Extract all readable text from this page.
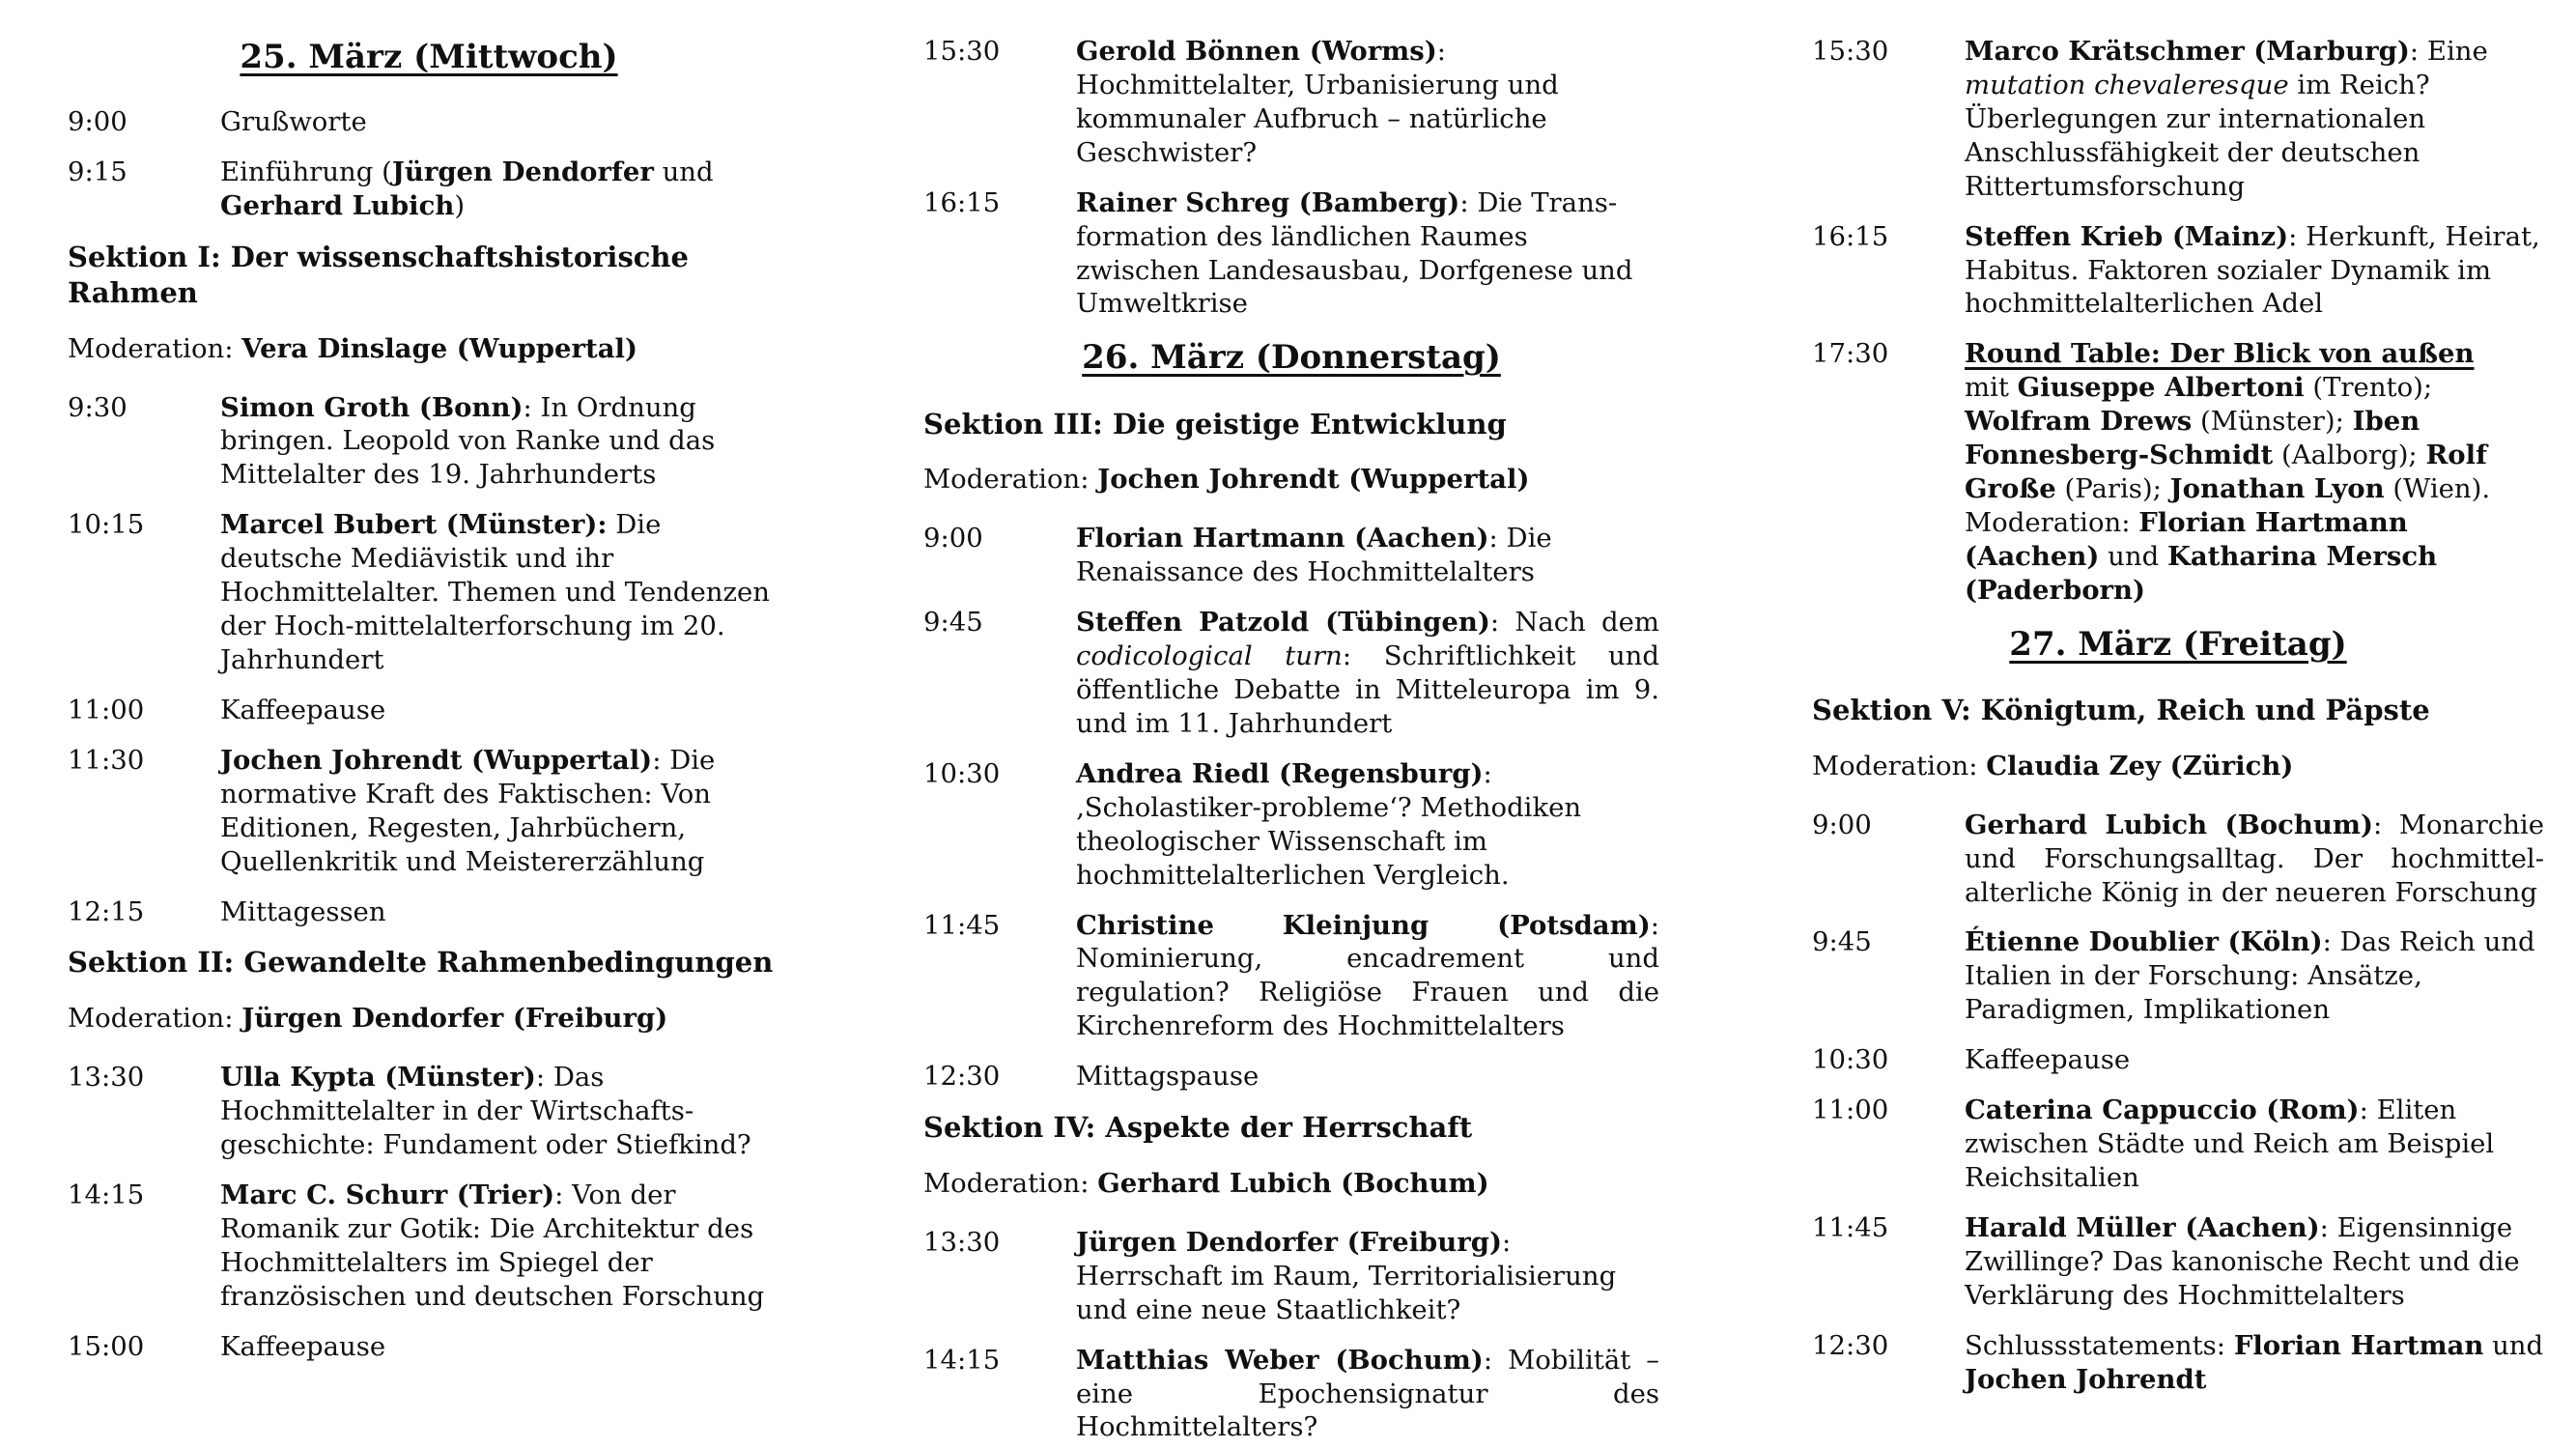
25. März (Mittwoch)
9:00	Grußworte
9:15	Einführung (Jürgen Dendorfer und Gerhard Lubich)
Sektion I: Der wissenschaftshistorische Rahmen
Moderation: Vera Dinslage (Wuppertal)
9:30	Simon Groth (Bonn): In Ordnung bringen. Leopold von Ranke und das Mittelalter des 19. Jahrhunderts
10:15	Marcel Bubert (Münster): Die deutsche Mediävistik und ihr Hochmittelalter. Themen und Tendenzen der Hoch-mittelalterforschung im 20. Jahrhundert
11:00	Kaffeepause
11:30	Jochen Johrendt (Wuppertal): Die normative Kraft des Faktischen: Von Editionen, Regesten, Jahrbüchern, Quellenkritik und Meistererzählung
12:15	Mittagessen
Sektion II: Gewandelte Rahmenbedingungen
Moderation: Jürgen Dendorfer (Freiburg)
13:30	Ulla Kypta (Münster): Das Hochmittelalter in der Wirtschafts-geschichte: Fundament oder Stiefkind?
14:15	Marc C. Schurr (Trier): Von der Romanik zur Gotik: Die Architektur des Hochmittelalters im Spiegel der französischen und deutschen Forschung
15:00	Kaffeepause
15:30	Gerold Bönnen (Worms): Hochmittelalter, Urbanisierung und kommunaler Aufbruch – natürliche Geschwister?
16:15	Rainer Schreg (Bamberg): Die Trans-formation des ländlichen Raumes zwischen Landesausbau, Dorfgenese und Umweltkrise
26. März (Donnerstag)
Sektion III: Die geistige Entwicklung
Moderation: Jochen Johrendt (Wuppertal)
9:00	Florian Hartmann (Aachen): Die Renaissance des Hochmittelalters
9:45	Steffen Patzold (Tübingen): Nach dem codicological turn: Schriftlichkeit und öffentliche Debatte in Mitteleuropa im 9. und im 11. Jahrhundert
10:30	Andrea Riedl (Regensburg): ‚Scholastiker-probleme‘? Methodiken theologischer Wissenschaft im hochmittelalterlichen Vergleich.
11:45	Christine Kleinjung (Potsdam): Nominierung, encadrement und regulation? Religiöse Frauen und die Kirchenreform des Hochmittelalters
12:30	Mittagspause
Sektion IV: Aspekte der Herrschaft
Moderation: Gerhard Lubich (Bochum)
13:30	Jürgen Dendorfer (Freiburg): Herrschaft im Raum, Territorialisierung und eine neue Staatlichkeit?
14:15	Matthias Weber (Bochum): Mobilität – eine Epochensignatur des Hochmittelalters?
15:30	Marco Krätschmer (Marburg): Eine mutation chevaleresque im Reich? Überlegungen zur internationalen Anschlussfähigkeit der deutschen Rittertumsforschung
16:15	Steffen Krieb (Mainz): Herkunft, Heirat, Habitus. Faktoren sozialer Dynamik im hochmittelalterlichen Adel
17:30	Round Table: Der Blick von außen
mit Giuseppe Albertoni (Trento); Wolfram Drews (Münster); Iben Fonnesberg-Schmidt (Aalborg); Rolf Große (Paris); Jonathan Lyon (Wien). Moderation: Florian Hartmann (Aachen) und Katharina Mersch (Paderborn)
27. März (Freitag)
Sektion V: Königtum, Reich und Päpste
Moderation: Claudia Zey (Zürich)
9:00	Gerhard Lubich (Bochum): Monarchie und Forschungsalltag. Der hochmittel-alterliche König in der neueren Forschung
9:45	Étienne Doublier (Köln): Das Reich und Italien in der Forschung: Ansätze, Paradigmen, Implikationen
10:30	Kaffeepause
11:00	Caterina Cappuccio (Rom): Eliten zwischen Städte und Reich am Beispiel Reichsitalien
11:45	Harald Müller (Aachen): Eigensinnige Zwillinge? Das kanonische Recht und die Verklärung des Hochmittelalters
12:30	Schlussstatements: Florian Hartman und Jochen Johrendt
